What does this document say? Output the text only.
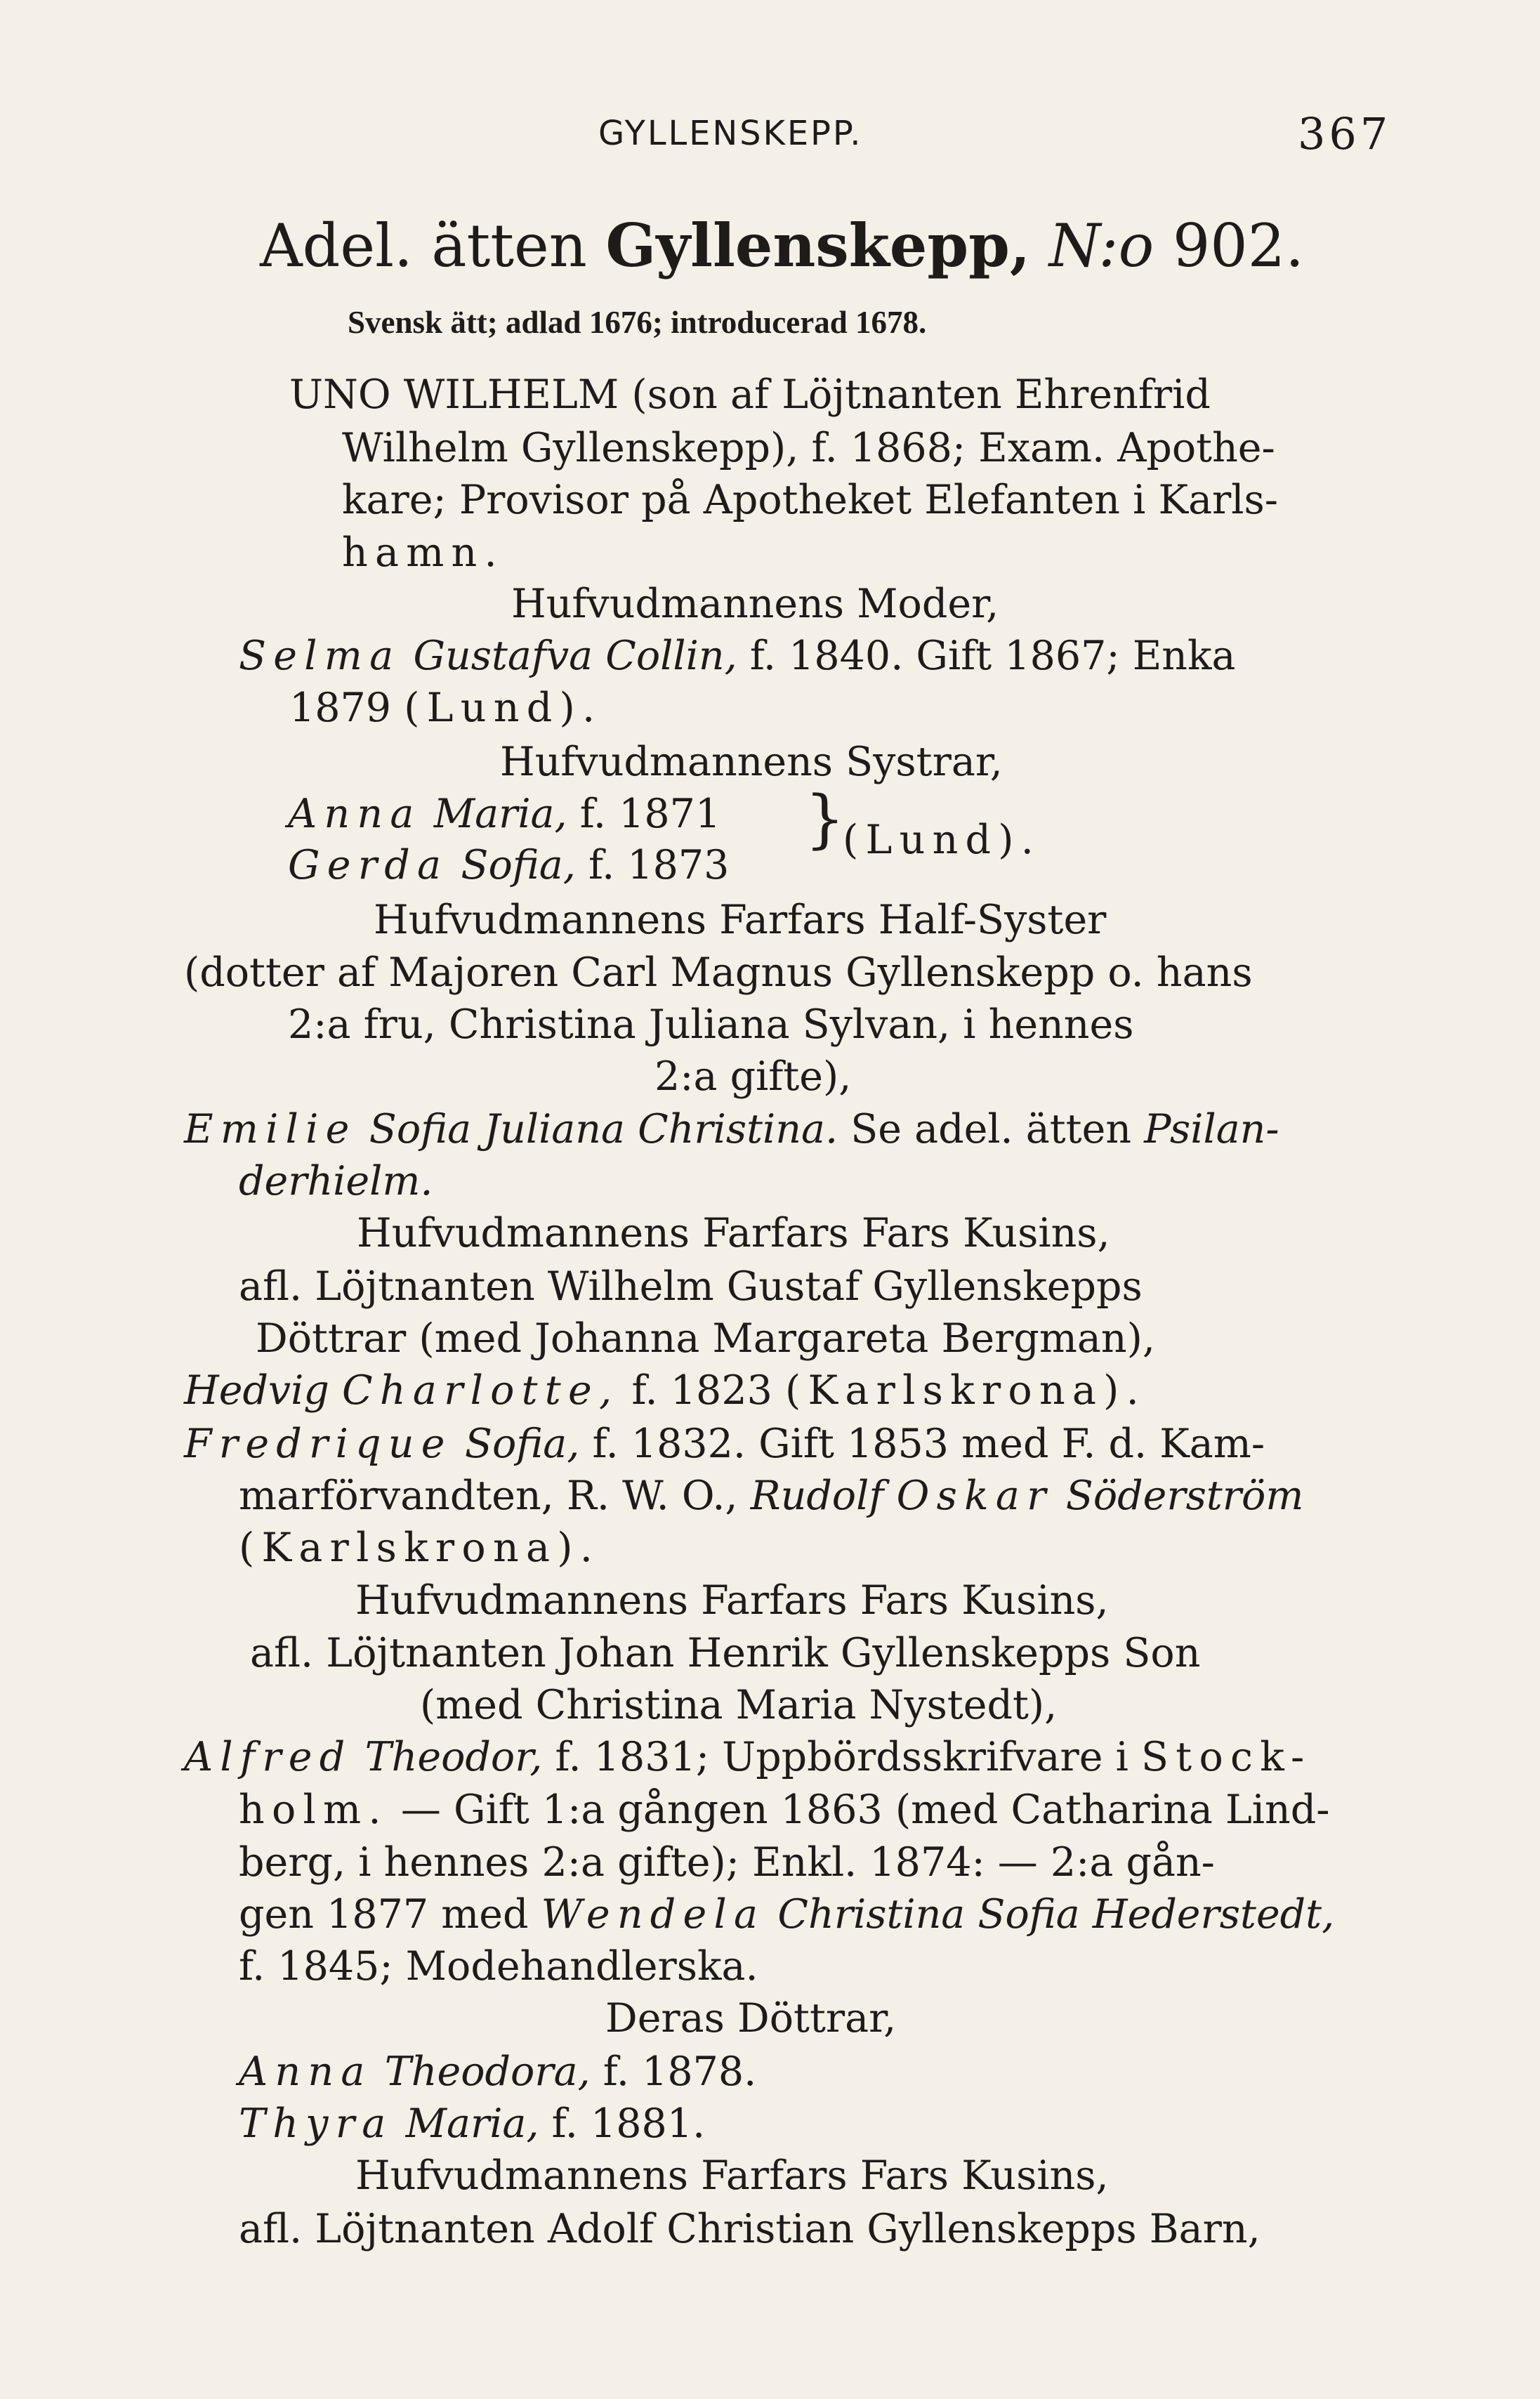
GYLLENSKEPP.	367
Adel. ätten Gyllenskepp, N:o 902.
Svensk ätt; adlad 1676; introducerad 1678.
UNO WILHELM (son af Löjtnanten Ehrenfrid
Wilhelm Gyllenskepp), f. 1868; Exam. Apothe-
kare; Provisor på Apotheket Elefanten i Karls-
hamn.
Hufvudmannens Moder,
Selma Gustafva Collin, f. 1840. Gift 1867; Enka
1879 (Lund).
Hufvudmannens Systrar,
Anna Maria, f. 1871
Gerda Sofia, f. 1873
}
(Lund).
Hufvudmannens Farfars Half-Syster
(dotter af Majoren Carl Magnus Gyllenskepp o. hans
2:a fru, Christina Juliana Sylvan, i hennes
2:a gifte),
Emilie Sofia Juliana Christina. Se adel. ätten Psilan-
derhielm.
Hufvudmannens Farfars Fars Kusins,
afl. Löjtnanten Wilhelm Gustaf Gyllenskepps
Döttrar (med Johanna Margareta Bergman),
Hedvig Charlotte, f. 1823 (Karlskrona).
Fredrique Sofia, f. 1832. Gift 1853 med F. d. Kam-
marförvandten, R. W. O., Rudolf Oskar Söderström
(Karlskrona).
Hufvudmannens Farfars Fars Kusins,
afl. Löjtnanten Johan Henrik Gyllenskepps Son
(med Christina Maria Nystedt),
Alfred Theodor, f. 1831; Uppbördsskrifvare i Stock-
holm. — Gift 1:a gången 1863 (med Catharina Lind-
berg, i hennes 2:a gifte); Enkl. 1874: — 2:a gån-
gen 1877 med Wendela Christina Sofia Hederstedt,
f. 1845; Modehandlerska.
Deras Döttrar,
Anna Theodora, f. 1878.
Thyra Maria, f. 1881.
Hufvudmannens Farfars Fars Kusins,
afl. Löjtnanten Adolf Christian Gyllenskepps Barn,
